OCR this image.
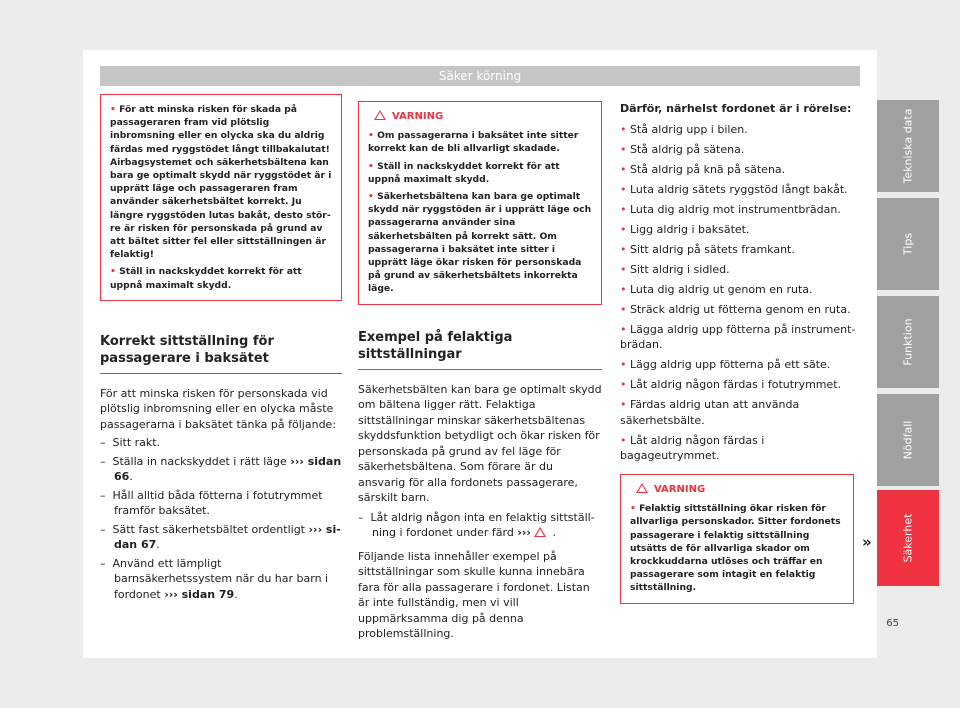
Säker körning
Tekniska data
Tips
Funktion
Nödfall
Säkerhet
65

• För att minska risken för skada på passageraren fram vid plötslig inbromsning eller en olycka ska du aldrig färdas med ryggstödet långt tillbakalutat! Airbagsystemet och säkerhetsbältena kan bara ge optimalt skydd när ryggstödet är i upprätt läge och passageraren fram använder säkerhetsbältet korrekt. Ju längre ryggstöden lutas bakåt, desto större är risken för personskada på grund av att bältet sitter fel eller sittställningen är felaktig!

• Ställ in nackskyddet korrekt för att uppnå maximalt skydd.

Korrekt sittställning för passagerare i baksätet
För att minska risken för personskada vid plötslig inbromsning eller en olycka måste passagerarna i baksätet tänka på följande:
–  Sitt rakt.
–  Ställa in nackskyddet i rätt läge ››› sidan 66.
–  Håll alltid båda fötterna i fotutrymmet framför baksätet.
–  Sätt fast säkerhetsbältet ordentligt ››› sidan 67.
–  Använd ett lämpligt barnsäkerhetssystem när du har barn i fordonet ››› sidan 79.
VARNING

• Om passagerarna i baksätet inte sitter korrekt kan de bli allvarligt skadade.

• Ställ in nackskyddet korrekt för att uppnå maximalt skydd.

• Säkerhetsbältena kan bara ge optimalt skydd när ryggstöden är i upprätt läge och passagerarna använder sina säkerhetsbälten på korrekt sätt. Om passagerarna i baksätet inte sitter i upprätt läge ökar risken för personskada på grund av säkerhetsbältets inkorrekta läge.

Exempel på felaktiga sittställningar
Säkerhetsbälten kan bara ge optimalt skydd om bältena ligger rätt. Felaktiga sittställningar minskar säkerhetsbältenas skyddsfunktion betydligt och ökar risken för personskada på grund av fel läge för säkerhetsbältena. Som förare är du ansvarig för alla fordonets passagerare, särskilt barn.
–  Låt aldrig någon inta en felaktig sittställning i fordonet under färd ››› .
Följande lista innehåller exempel på sittställningar som skulle kunna innebära fara för alla passagerare i fordonet. Listan är inte fullständig, men vi vill uppmärksamma dig på denna problemställning.
Därför, närhelst fordonet är i rörelse:
• Stå aldrig upp i bilen.
• Stå aldrig på sätena.
• Stå aldrig på knä på sätena.
• Luta aldrig sätets ryggstöd långt bakåt.
• Luta dig aldrig mot instrumentbrädan.
• Ligg aldrig i baksätet.
• Sitt aldrig på sätets framkant.
• Sitt aldrig i sidled.
• Luta dig aldrig ut genom en ruta.
• Sträck aldrig ut fötterna genom en ruta.
• Lägga aldrig upp fötterna på instrumentbrädan.
• Lägg aldrig upp fötterna på ett säte.
• Låt aldrig någon färdas i fotutrymmet.
• Färdas aldrig utan att använda säkerhetsbälte.
• Låt aldrig någon färdas i bagageutrymmet.
VARNING

• Felaktig sittställning ökar risken för allvarliga personskador. Sitter fordonets passagerare i felaktig sittställning utsätts de för allvarliga skador om krockkuddarna utlöses och träffar en passagerare som intagit en felaktig sittställning.

»
